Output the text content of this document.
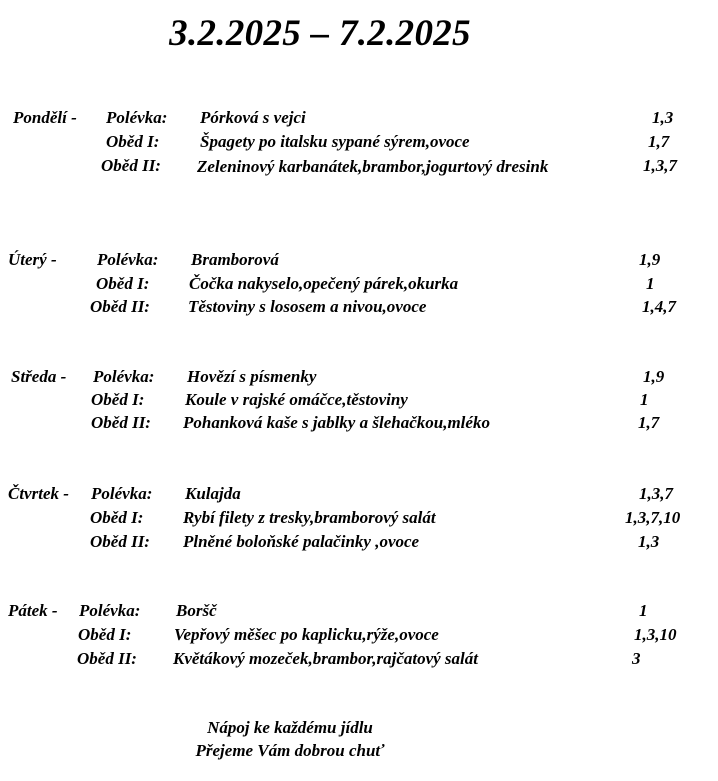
3.2.2025 – 7.2.2025
Pondělí - Polévka: Pórková s vejci	1,3
Oběd I: Špagety po italsku sypané sýrem,ovoce	1,7
Oběd II: Zeleninový karbanátek,brambor,jogurtový dresink	1,3,7
Úterý - Polévka: Bramborová	1,9
Oběd I: Čočka nakyselo,opečený párek,okurka	1
Oběd II: Těstoviny s lososem a nivou,ovoce	1,4,7
Středa - Polévka: Hovězí s písmenky	1,9
Oběd I: Koule v rajské omáčce,těstoviny	1
Oběd II: Pohanková kaše s jablky a šlehačkou,mléko	1,7
Čtvrtek - Polévka: Kulajda	1,3,7
Oběd I: Rybí filety z tresky,bramborový salát	1,3,7,10
Oběd II: Plněné boloňské palačinky ,ovoce	1,3
Pátek - Polévka: Boršč	1
Oběd I:	Vepřový měšec po kaplicku,rýže,ovoce	1,3,10
Oběd II: Květákový mozeček,brambor,rajčatový salát	3
Nápoj ke každému jídlu
Přejeme Vám dobrou chuť
